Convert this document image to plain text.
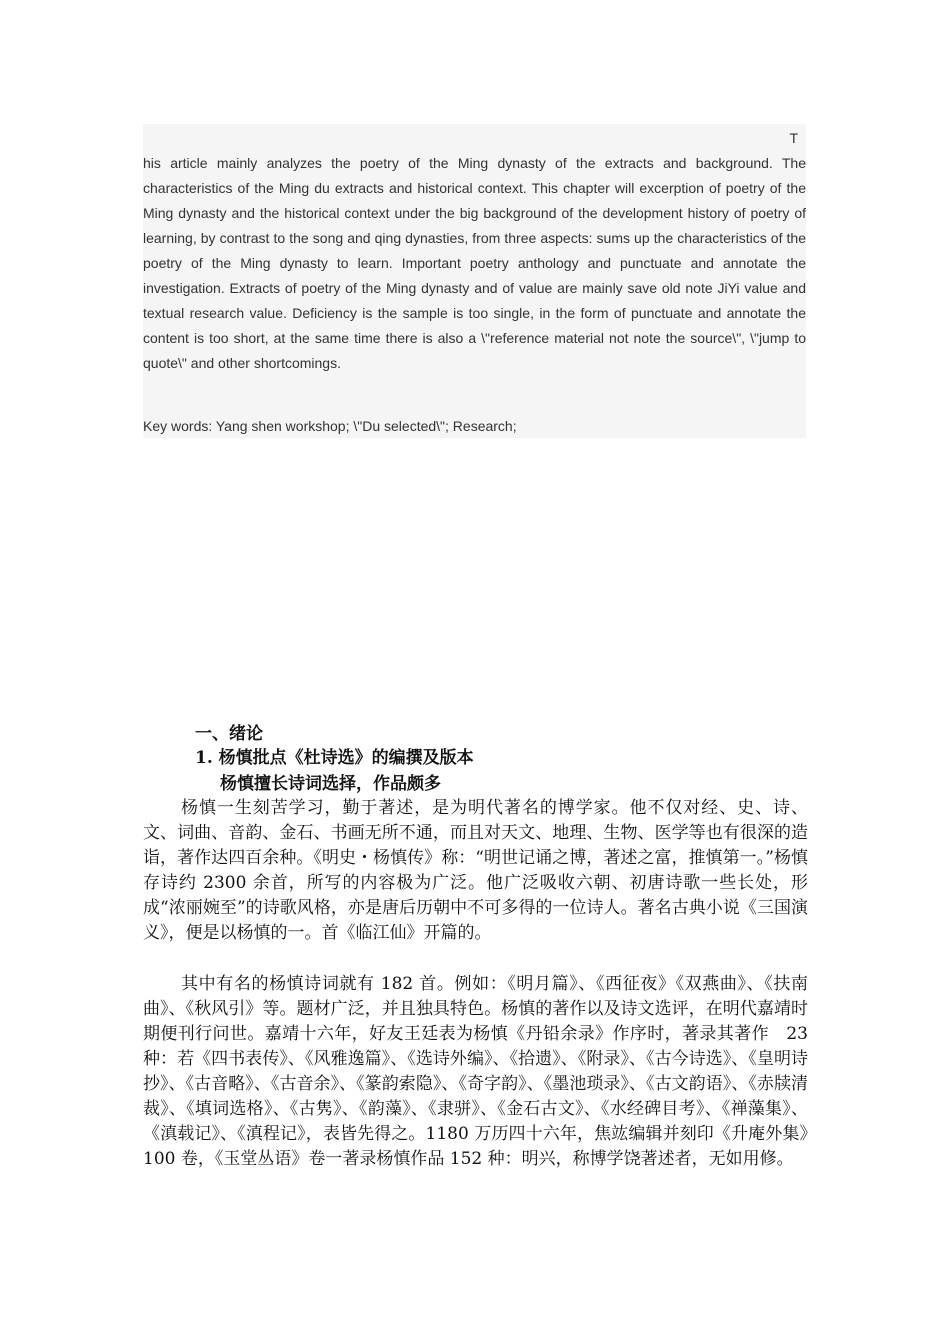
T

his article mainly analyzes the poetry of the Ming dynasty of the extracts and background. The characteristics of the Ming du extracts and historical context. This chapter will excerption of poetry of the Ming dynasty and the historical context under the big background of the development history of poetry of learning, by contrast to the song and qing dynasties, from three aspects: sums up the characteristics of the poetry of the Ming dynasty to learn. Important poetry anthology and punctuate and annotate the investigation. Extracts of poetry of the Ming dynasty and of value are mainly save old note JiYi value and textual research value. Deficiency is the sample is too single, in the form of punctuate and annotate the content is too short, at the same time there is also a \"reference material not note the source\", \"jump to quote\" and other shortcomings.

Key words: Yang shen workshop; \"Du selected\"; Research;

一、绪论
1. 杨慎批点《杜诗选》的编撰及版本
杨慎擅长诗词选择，作品颇多

杨慎一生刻苦学习，勤于著述，是为明代著名的博学家。他不仅对经、史、诗、文、词曲、音韵、金石、书画无所不通，而且对天文、地理、生物、医学等也有很深的造诣，著作达四百余种。《明史・杨慎传》称：“明世记诵之博，著述之富，推慎第一。”杨慎存诗约 2300 余首，所写的内容极为广泛。他广泛吸收六朝、初唐诗歌一些长处，形成“浓丽婉至”的诗歌风格，亦是唐后历朝中不可多得的一位诗人。著名古典小说《三国演义》，便是以杨慎的一。首《临江仙》开篇的。

其中有名的杨慎诗词就有 182 首。例如：《明月篇》、《西征夜》《双燕曲》、《扶南曲》、《秋风引》等。题材广泛，并且独具特色。杨慎的著作以及诗文选评，在明代嘉靖时期便刊行问世。嘉靖十六年，好友王廷表为杨慎《丹铅余录》作序时，著录其著作　23　种：若《四书表传》、《风雅逸篇》、《选诗外编》、《拾遗》、《附录》、《古今诗选》、《皇明诗抄》、《古音略》、《古音余》、《篆韵索隐》、《奇字韵》、《墨池琐录》、《古文韵语》、《赤牍清裁》、《填词选格》、《古隽》、《韵藻》、《隶骈》、《金石古文》、《水经碑目考》、《禅藻集》、《滇载记》、《滇程记》，表皆先得之。1180 万历四十六年，焦竑编辑并刻印《升庵外集》100 卷，《玉堂丛语》卷一著录杨慎作品 152 种：明兴，称博学饶著述者，无如用修。
